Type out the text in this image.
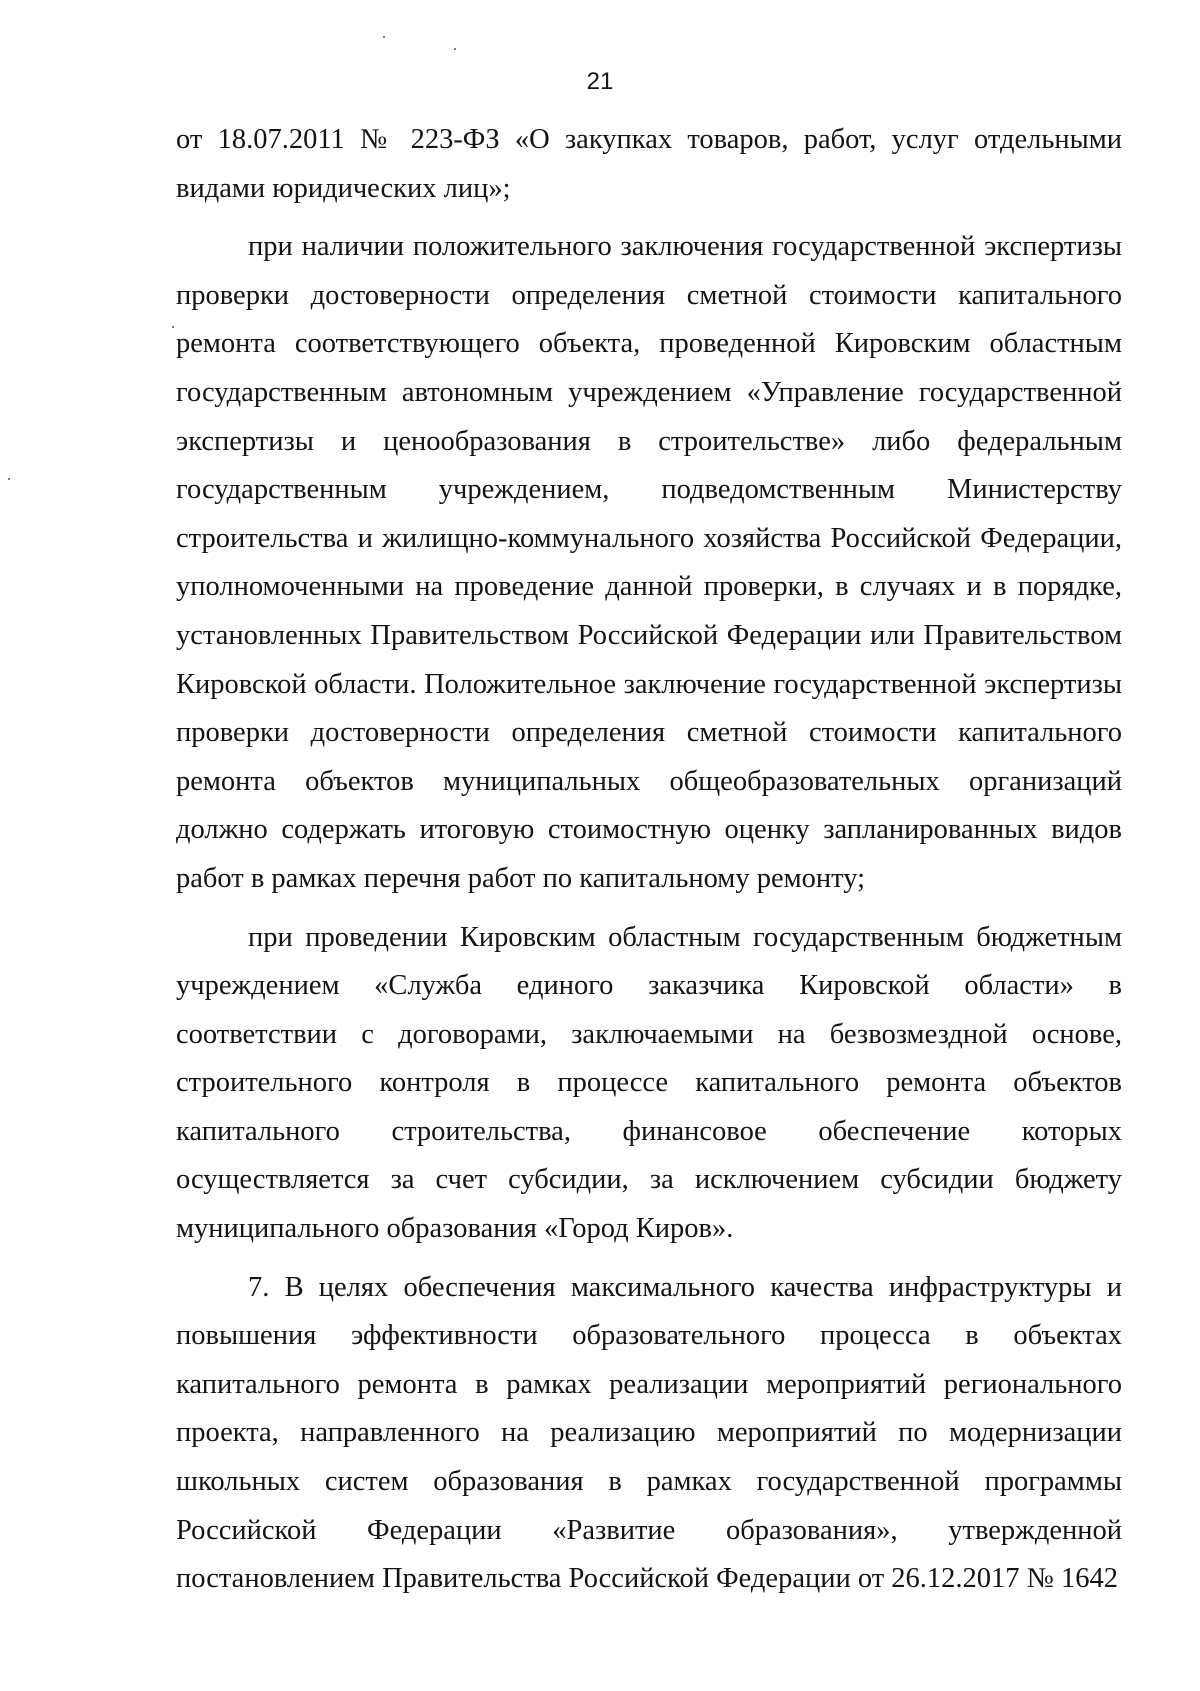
21

от 18.07.2011 № 223-ФЗ «О закупках товаров, работ, услуг отдельными видами юридических лиц»;

при наличии положительного заключения государственной экспертизы проверки достоверности определения сметной стоимости капитального ремонта соответствующего объекта, проведенной Кировским областным государственным автономным учреждением «Управление государственной экспертизы и ценообразования в строительстве» либо федеральным государственным учреждением, подведомственным Министерству строительства и жилищно-коммунального хозяйства Российской Федерации, уполномоченными на проведение данной проверки, в случаях и в порядке, установленных Правительством Российской Федерации или Правительством Кировской области. Положительное заключение государственной экспертизы проверки достоверности определения сметной стоимости капитального ремонта объектов муниципальных общеобразовательных организаций должно содержать итоговую стоимостную оценку запланированных видов работ в рамках перечня работ по капитальному ремонту;

при проведении Кировским областным государственным бюджетным учреждением «Служба единого заказчика Кировской области» в соответствии с договорами, заключаемыми на безвозмездной основе, строительного контроля в процессе капитального ремонта объектов капитального строительства, финансовое обеспечение которых осуществляется за счет субсидии, за исключением субсидии бюджету муниципального образования «Город Киров».

7. В целях обеспечения максимального качества инфраструктуры и повышения эффективности образовательного процесса в объектах капитального ремонта в рамках реализации мероприятий регионального проекта, направленного на реализацию мероприятий по модернизации школьных систем образования в рамках государственной программы Российской Федерации «Развитие образования», утвержденной постановлением Правительства Российской Федерации от 26.12.2017 № 1642
